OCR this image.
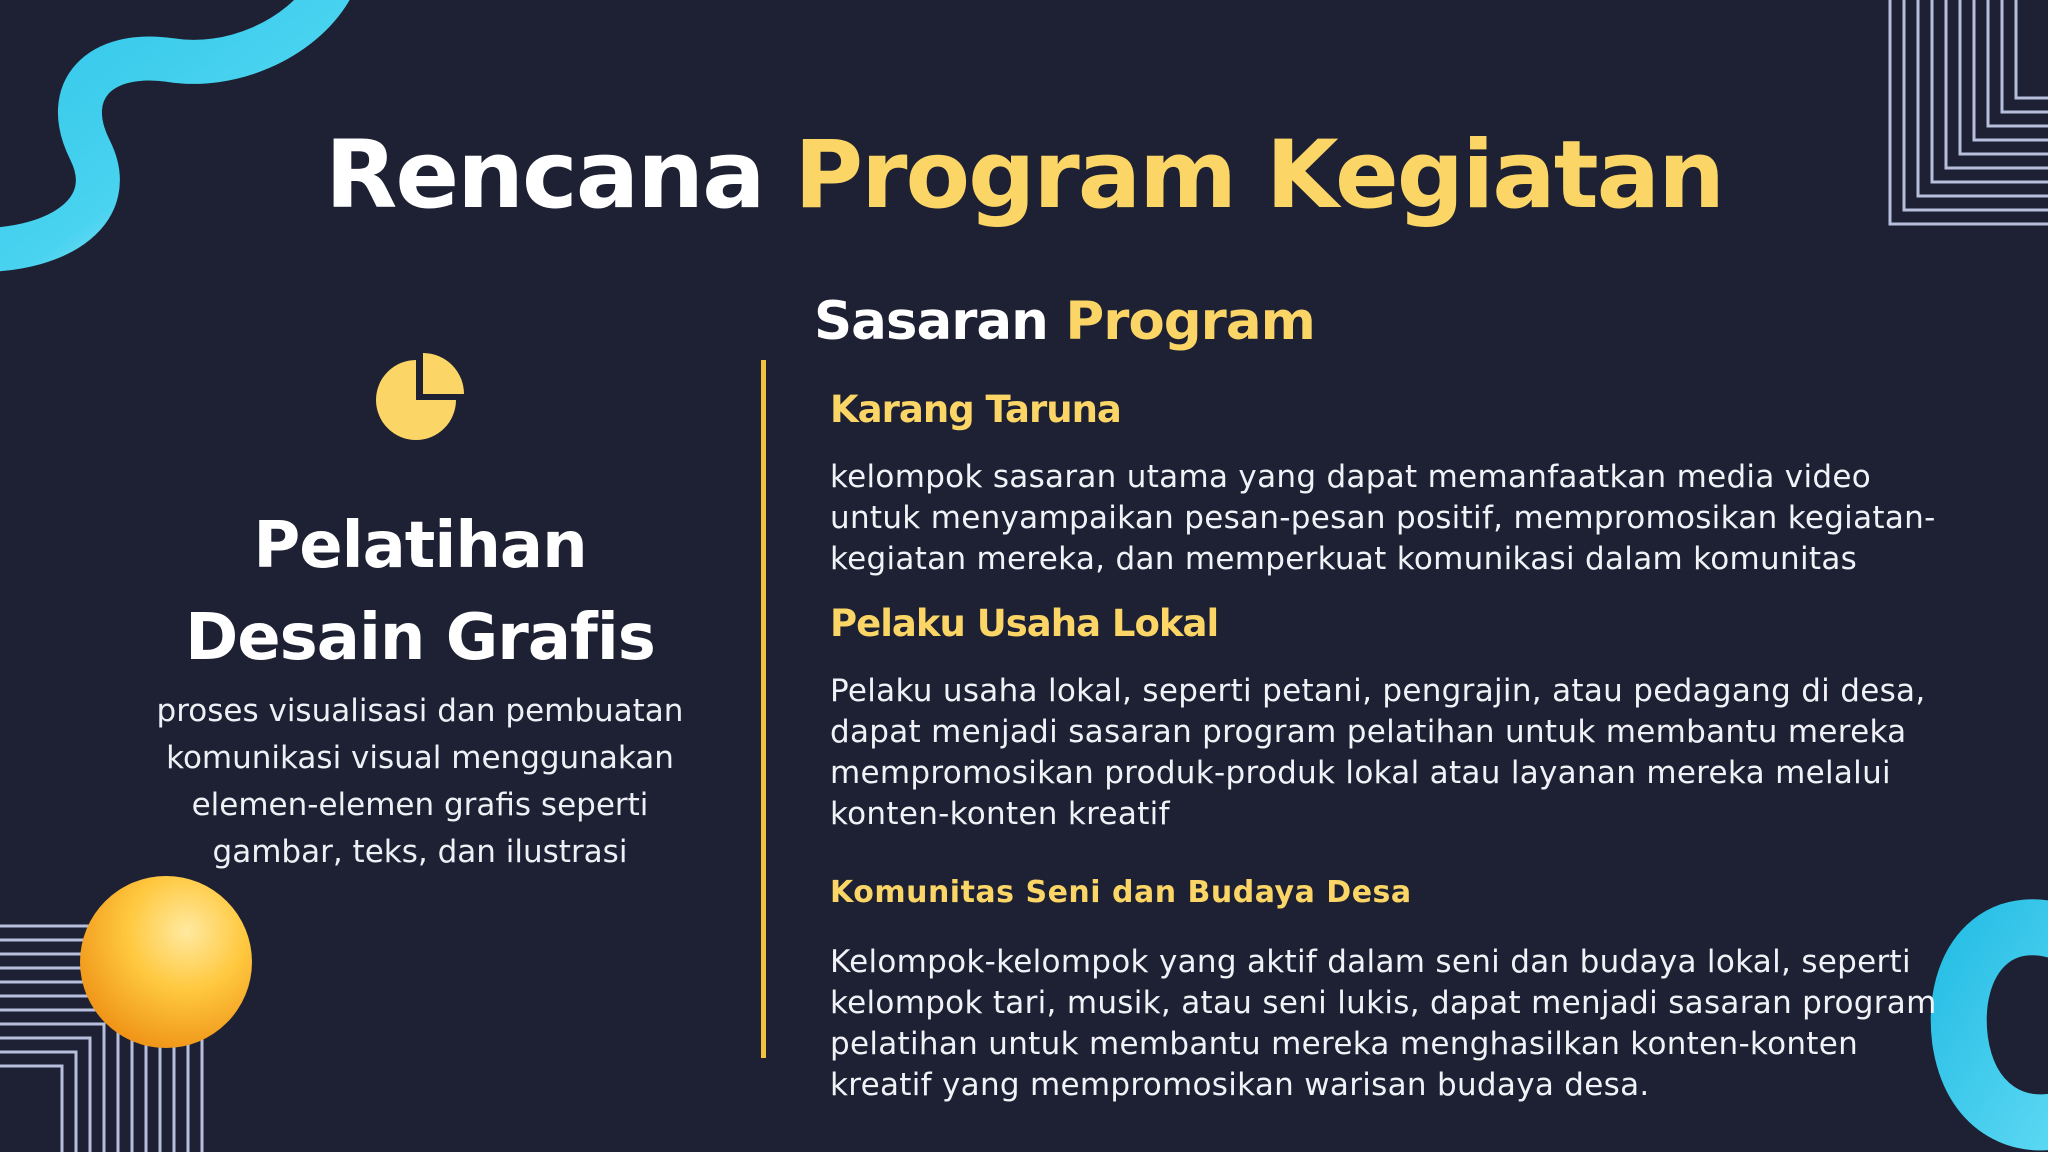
Rencana Program Kegiatan
Pelatihan
Desain Grafis
proses visualisasi dan pembuatan
komunikasi visual menggunakan
elemen-elemen grafis seperti
gambar, teks, dan ilustrasi
Sasaran Program
Karang Taruna
kelompok sasaran utama yang dapat memanfaatkan media video
untuk menyampaikan pesan-pesan positif, mempromosikan kegiatan-
kegiatan mereka, dan memperkuat komunikasi dalam komunitas
Pelaku Usaha Lokal
Pelaku usaha lokal, seperti petani, pengrajin, atau pedagang di desa,
dapat menjadi sasaran program pelatihan untuk membantu mereka
mempromosikan produk-produk lokal atau layanan mereka melalui
konten-konten kreatif
Komunitas Seni dan Budaya Desa
Kelompok-kelompok yang aktif dalam seni dan budaya lokal, seperti
kelompok tari, musik, atau seni lukis, dapat menjadi sasaran program
pelatihan untuk membantu mereka menghasilkan konten-konten
kreatif yang mempromosikan warisan budaya desa.
